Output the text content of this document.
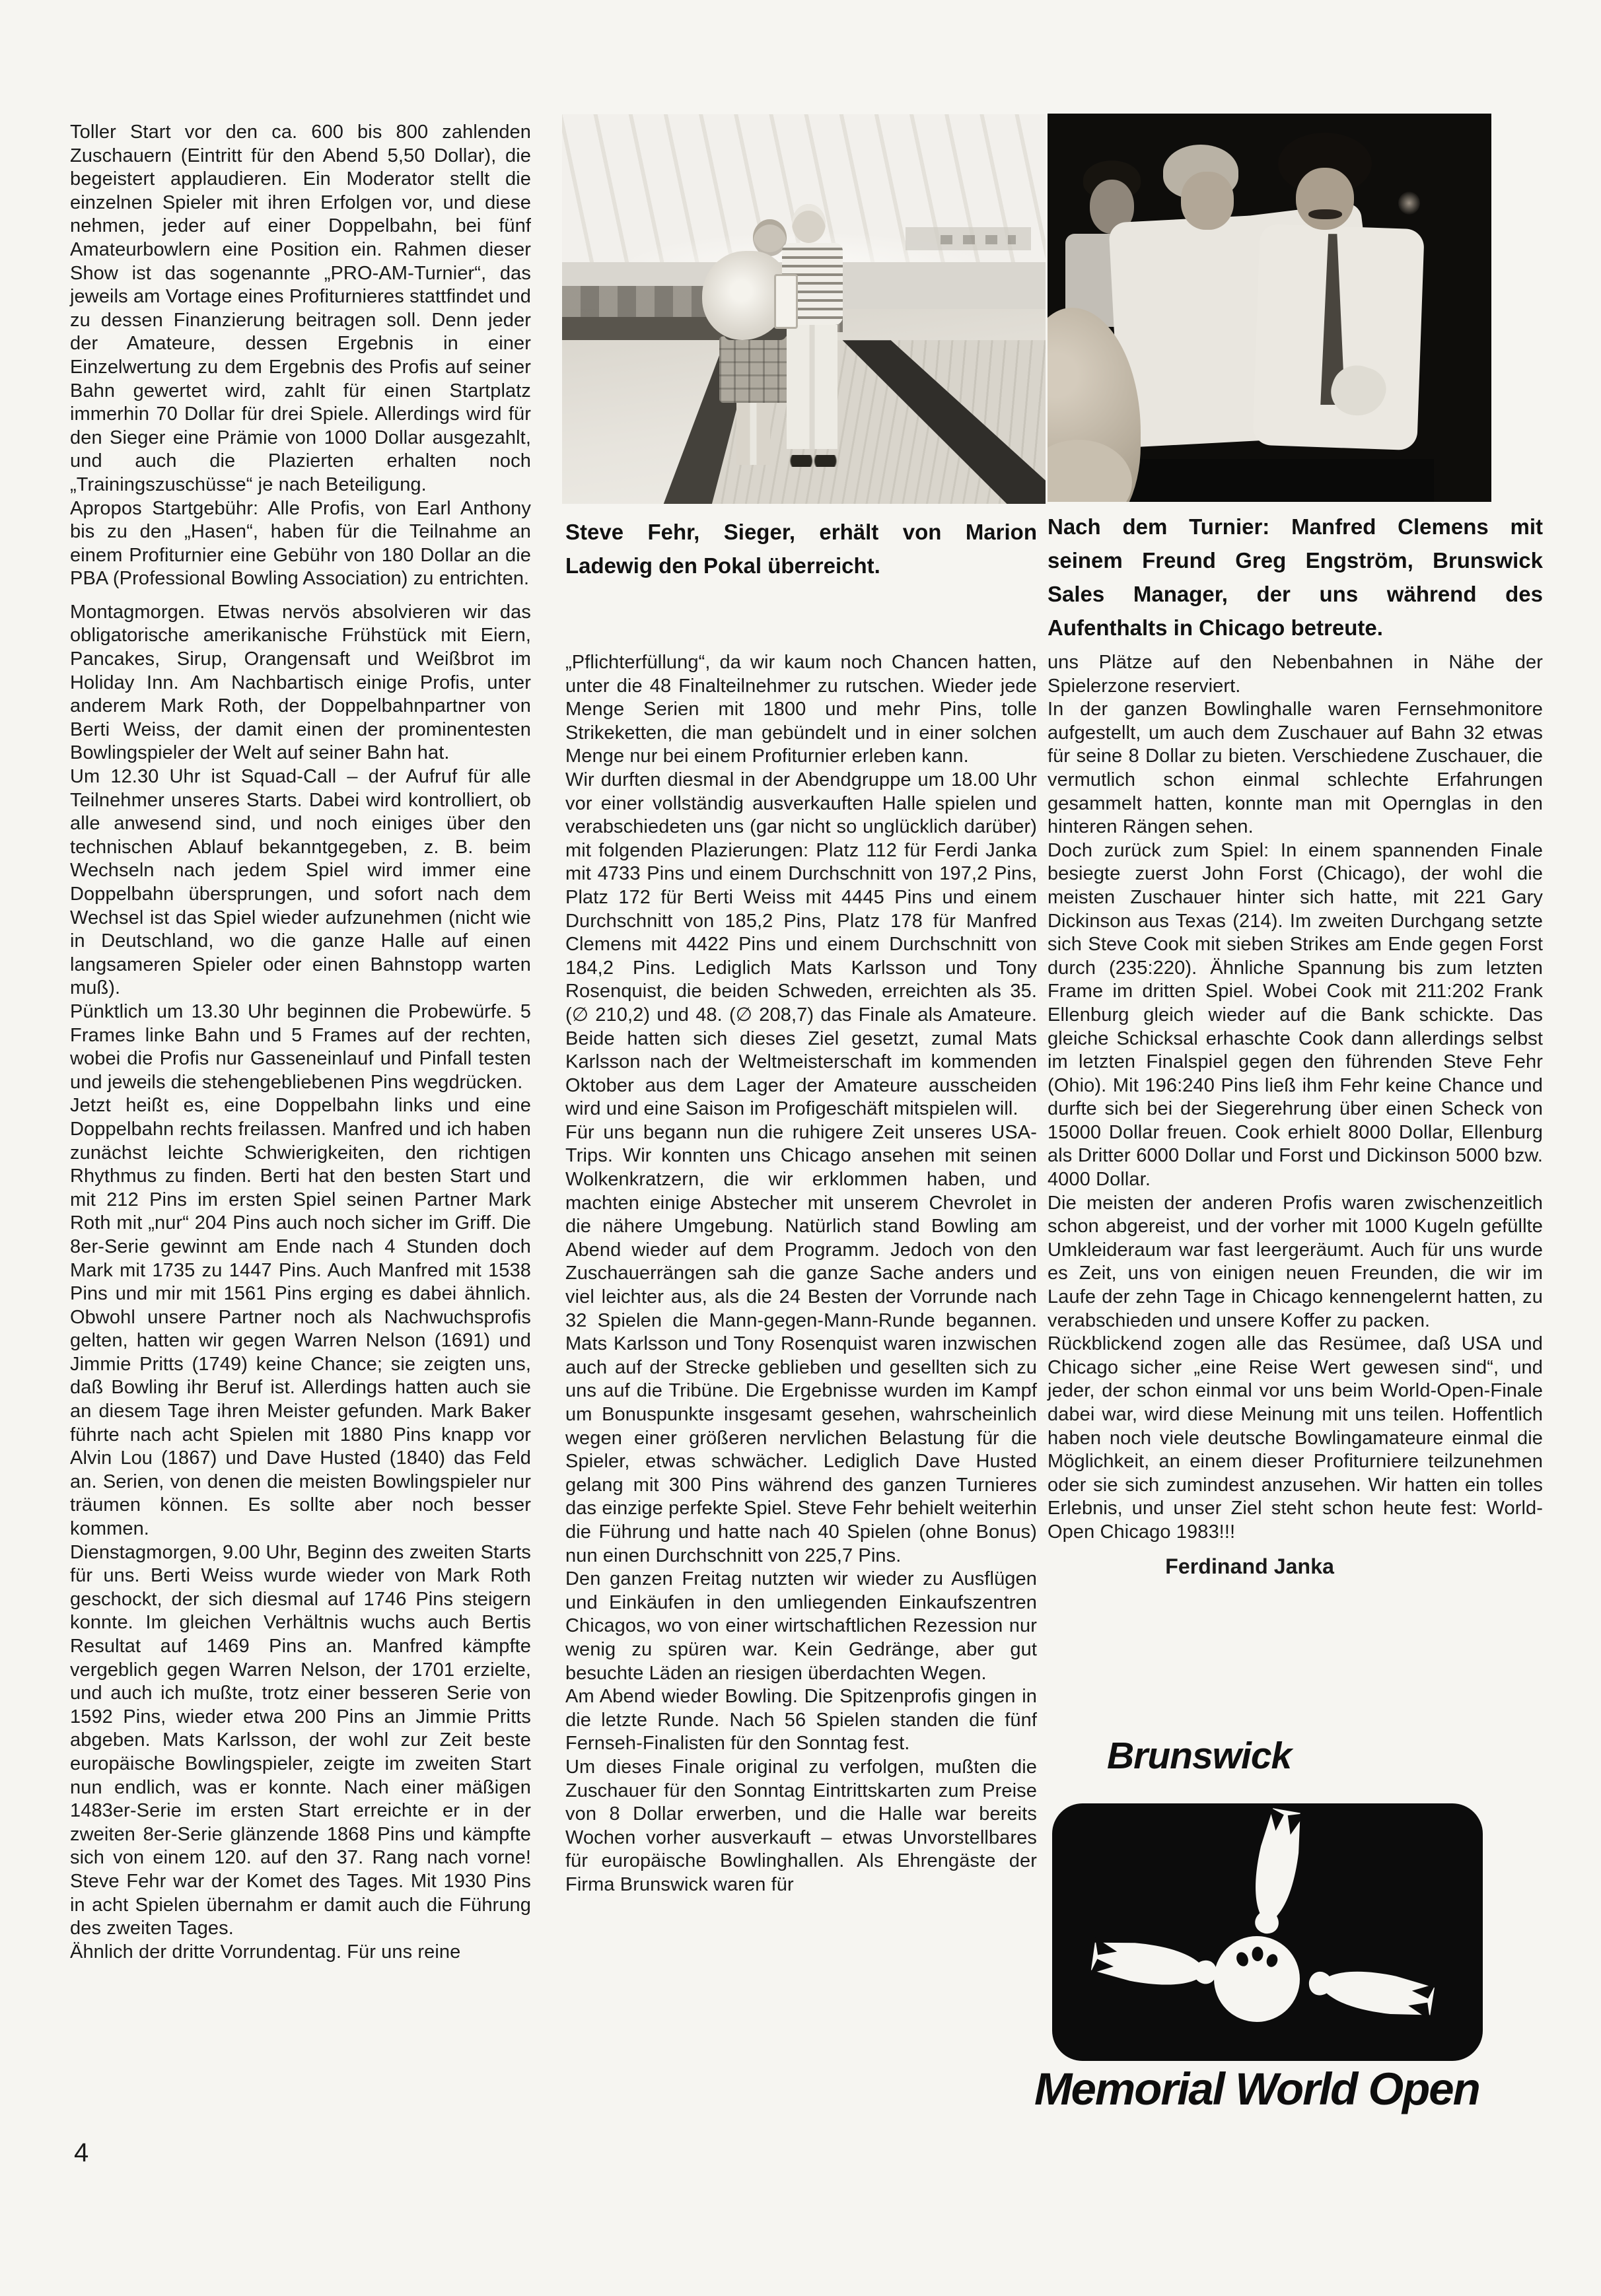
Toller Start vor den ca. 600 bis 800 zahlenden Zuschauern (Eintritt für den Abend 5,50 Dollar), die begeistert applaudieren. Ein Moderator stellt die einzelnen Spieler mit ihren Erfolgen vor, und diese nehmen, jeder auf einer Doppelbahn, bei fünf Amateurbowlern eine Position ein. Rahmen dieser Show ist das sogenannte „PRO-AM-Turnier“, das jeweils am Vortage eines Profiturnieres stattfindet und zu dessen Finanzierung beitragen soll. Denn jeder der Amateure, dessen Ergebnis in einer Einzelwertung zu dem Ergebnis des Profis auf seiner Bahn gewertet wird, zahlt für einen Startplatz immerhin 70 Dollar für drei Spiele. Allerdings wird für den Sieger eine Prämie von 1000 Dollar ausgezahlt, und auch die Plazierten erhalten noch „Trainingszuschüsse“ je nach Beteiligung.

Apropos Startgebühr: Alle Profis, von Earl Anthony bis zu den „Hasen“, haben für die Teilnahme an einem Profiturnier eine Gebühr von 180 Dollar an die PBA (Professional Bowling Association) zu entrichten.

Montagmorgen. Etwas nervös absolvieren wir das obligatorische amerikanische Frühstück mit Eiern, Pancakes, Sirup, Orangensaft und Weißbrot im Holiday Inn. Am Nachbartisch einige Profis, unter anderem Mark Roth, der Doppelbahnpartner von Berti Weiss, der damit einen der prominentesten Bowlingspieler der Welt auf seiner Bahn hat.

Um 12.30 Uhr ist Squad-Call – der Aufruf für alle Teilnehmer unseres Starts. Dabei wird kontrolliert, ob alle anwesend sind, und noch einiges über den technischen Ablauf bekanntgegeben, z. B. beim Wechseln nach jedem Spiel wird immer eine Doppelbahn übersprungen, und sofort nach dem Wechsel ist das Spiel wieder aufzunehmen (nicht wie in Deutschland, wo die ganze Halle auf einen langsameren Spieler oder einen Bahnstopp warten muß).

Pünktlich um 13.30 Uhr beginnen die Probewürfe. 5 Frames linke Bahn und 5 Frames auf der rechten, wobei die Profis nur Gasseneinlauf und Pinfall testen und jeweils die stehengebliebenen Pins wegdrücken.

Jetzt heißt es, eine Doppelbahn links und eine Doppelbahn rechts freilassen. Manfred und ich haben zunächst leichte Schwierigkeiten, den richtigen Rhythmus zu finden. Berti hat den besten Start und mit 212 Pins im ersten Spiel seinen Partner Mark Roth mit „nur“ 204 Pins auch noch sicher im Griff. Die 8er-Serie gewinnt am Ende nach 4 Stunden doch Mark mit 1735 zu 1447 Pins. Auch Manfred mit 1538 Pins und mir mit 1561 Pins erging es dabei ähnlich. Obwohl unsere Partner noch als Nachwuchsprofis gelten, hatten wir gegen Warren Nelson (1691) und Jimmie Pritts (1749) keine Chance; sie zeigten uns, daß Bowling ihr Beruf ist. Allerdings hatten auch sie an diesem Tage ihren Meister gefunden. Mark Baker führte nach acht Spielen mit 1880 Pins knapp vor Alvin Lou (1867) und Dave Husted (1840) das Feld an. Serien, von denen die meisten Bowlingspieler nur träumen können. Es sollte aber noch besser kommen.

Dienstagmorgen, 9.00 Uhr, Beginn des zweiten Starts für uns. Berti Weiss wurde wieder von Mark Roth geschockt, der sich diesmal auf 1746 Pins steigern konnte. Im gleichen Verhältnis wuchs auch Bertis Resultat auf 1469 Pins an. Manfred kämpfte vergeblich gegen Warren Nelson, der 1701 erzielte, und auch ich mußte, trotz einer besseren Serie von 1592 Pins, wieder etwa 200 Pins an Jimmie Pritts abgeben. Mats Karlsson, der wohl zur Zeit beste europäische Bowlingspieler, zeigte im zweiten Start nun endlich, was er konnte. Nach einer mäßigen 1483er-Serie im ersten Start erreichte er in der zweiten 8er-Serie glänzende 1868 Pins und kämpfte sich von einem 120. auf den 37. Rang nach vorne! Steve Fehr war der Komet des Tages. Mit 1930 Pins in acht Spielen übernahm er damit auch die Führung des zweiten Tages.

Ähnlich der dritte Vorrundentag. Für uns reine

Steve Fehr, Sieger, erhält von Marion Ladewig den Pokal überreicht.

„Pflichterfüllung“, da wir kaum noch Chancen hatten, unter die 48 Finalteilnehmer zu rutschen. Wieder jede Menge Serien mit 1800 und mehr Pins, tolle Strikeketten, die man gebündelt und in einer solchen Menge nur bei einem Profiturnier erleben kann.

Wir durften diesmal in der Abendgruppe um 18.00 Uhr vor einer vollständig ausverkauften Halle spielen und verabschiedeten uns (gar nicht so unglücklich darüber) mit folgenden Plazierungen: Platz 112 für Ferdi Janka mit 4733 Pins und einem Durchschnitt von 197,2 Pins, Platz 172 für Berti Weiss mit 4445 Pins und einem Durchschnitt von 185,2 Pins, Platz 178 für Manfred Clemens mit 4422 Pins und einem Durchschnitt von 184,2 Pins. Lediglich Mats Karlsson und Tony Rosenquist, die beiden Schweden, erreichten als 35. (∅ 210,2) und 48. (∅ 208,7) das Finale als Amateure. Beide hatten sich dieses Ziel gesetzt, zumal Mats Karlsson nach der Weltmeisterschaft im kommenden Oktober aus dem Lager der Amateure ausscheiden wird und eine Saison im Profigeschäft mitspielen will.

Für uns begann nun die ruhigere Zeit unseres USA-Trips. Wir konnten uns Chicago ansehen mit seinen Wolkenkratzern, die wir erklommen haben, und machten einige Abstecher mit unserem Chevrolet in die nähere Umgebung. Natürlich stand Bowling am Abend wieder auf dem Programm. Jedoch von den Zuschauerrängen sah die ganze Sache anders und viel leichter aus, als die 24 Besten der Vorrunde nach 32 Spielen die Mann-gegen-Mann-Runde begannen. Mats Karlsson und Tony Rosenquist waren inzwischen auch auf der Strecke geblieben und gesellten sich zu uns auf die Tribüne. Die Ergebnisse wurden im Kampf um Bonuspunkte insgesamt gesehen, wahrscheinlich wegen einer größeren nervlichen Belastung für die Spieler, etwas schwächer. Lediglich Dave Husted gelang mit 300 Pins während des ganzen Turnieres das einzige perfekte Spiel. Steve Fehr behielt weiterhin die Führung und hatte nach 40 Spielen (ohne Bonus) nun einen Durchschnitt von 225,7 Pins.

Den ganzen Freitag nutzten wir wieder zu Ausflügen und Einkäufen in den umliegenden Einkaufszentren Chicagos, wo von einer wirtschaftlichen Rezession nur wenig zu spüren war. Kein Gedränge, aber gut besuchte Läden an riesigen überdachten Wegen.

Am Abend wieder Bowling. Die Spitzenprofis gingen in die letzte Runde. Nach 56 Spielen standen die fünf Fernseh-Finalisten für den Sonntag fest.

Um dieses Finale original zu verfolgen, mußten die Zuschauer für den Sonntag Eintrittskarten zum Preise von 8 Dollar erwerben, und die Halle war bereits Wochen vorher ausverkauft – etwas Unvorstellbares für europäische Bowlinghallen. Als Ehrengäste der Firma Brunswick waren für

Nach dem Turnier: Manfred Clemens mit seinem Freund Greg Engström, Brunswick Sales Manager, der uns während des Aufenthalts in Chicago betreute.

uns Plätze auf den Nebenbahnen in Nähe der Spielerzone reserviert.

In der ganzen Bowlinghalle waren Fernsehmonitore aufgestellt, um auch dem Zuschauer auf Bahn 32 etwas für seine 8 Dollar zu bieten. Verschiedene Zuschauer, die vermutlich schon einmal schlechte Erfahrungen gesammelt hatten, konnte man mit Opernglas in den hinteren Rängen sehen.

Doch zurück zum Spiel: In einem spannenden Finale besiegte zuerst John Forst (Chicago), der wohl die meisten Zuschauer hinter sich hatte, mit 221 Gary Dickinson aus Texas (214). Im zweiten Durchgang setzte sich Steve Cook mit sieben Strikes am Ende gegen Forst durch (235:220). Ähnliche Spannung bis zum letzten Frame im dritten Spiel. Wobei Cook mit 211:202 Frank Ellenburg gleich wieder auf die Bank schickte. Das gleiche Schicksal erhaschte Cook dann allerdings selbst im letzten Finalspiel gegen den führenden Steve Fehr (Ohio). Mit 196:240 Pins ließ ihm Fehr keine Chance und durfte sich bei der Siegerehrung über einen Scheck von 15000 Dollar freuen. Cook erhielt 8000 Dollar, Ellenburg als Dritter 6000 Dollar und Forst und Dickinson 5000 bzw. 4000 Dollar.

Die meisten der anderen Profis waren zwischenzeitlich schon abgereist, und der vorher mit 1000 Kugeln gefüllte Umkleideraum war fast leergeräumt. Auch für uns wurde es Zeit, uns von einigen neuen Freunden, die wir im Laufe der zehn Tage in Chicago kennengelernt hatten, zu verabschieden und unsere Koffer zu packen.

Rückblickend zogen alle das Resümee, daß USA und Chicago sicher „eine Reise Wert gewesen sind“, und jeder, der schon einmal vor uns beim World-Open-Finale dabei war, wird diese Meinung mit uns teilen. Hoffentlich haben noch viele deutsche Bowlingamateure einmal die Möglichkeit, an einem dieser Profiturniere teilzunehmen oder sie sich zumindest anzusehen. Wir hatten ein tolles Erlebnis, und unser Ziel steht schon heute fest: World-Open Chicago 1983!!!

Ferdinand Janka
Brunswick
Memorial World Open
4
